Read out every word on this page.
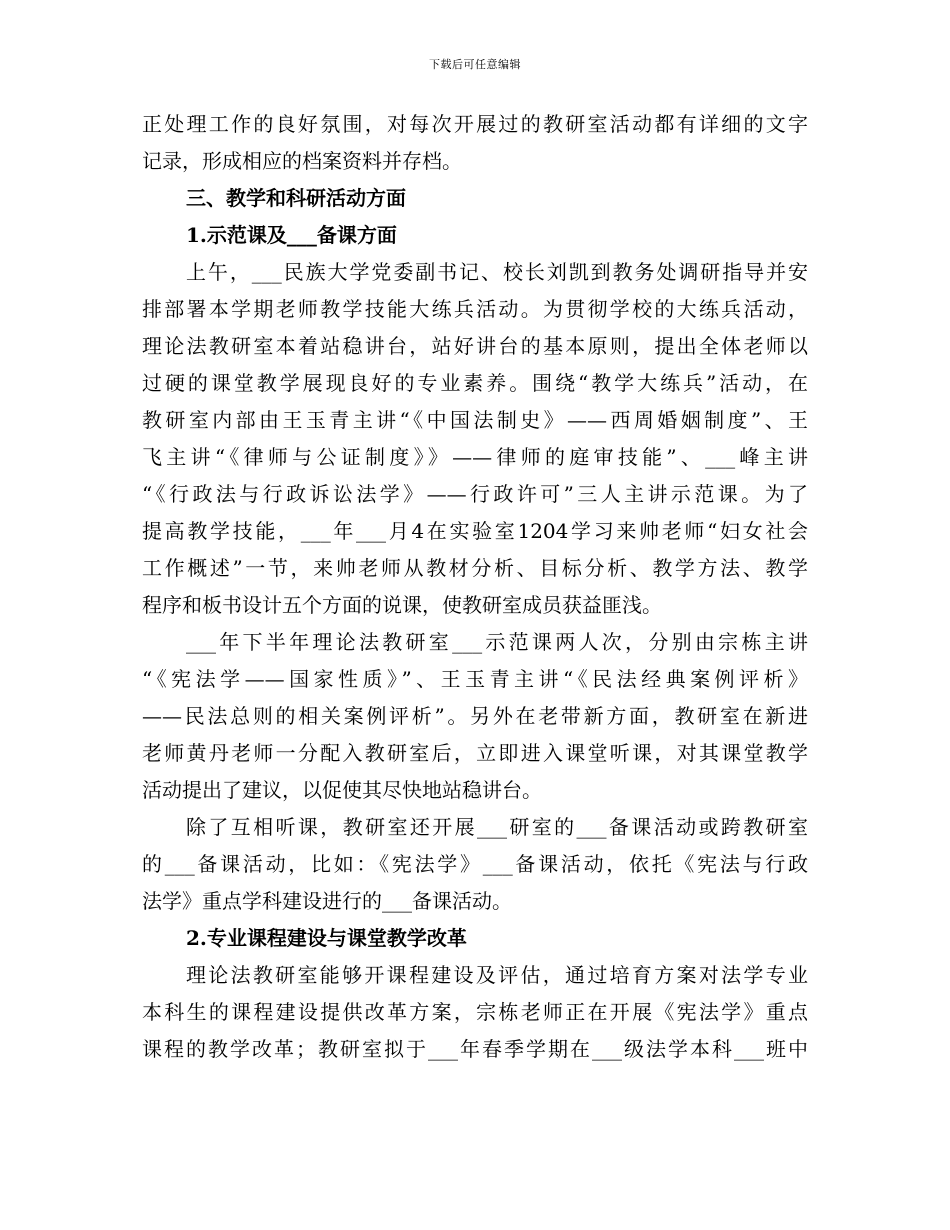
下载后可任意编辑
正处理工作的良好氛围，对每次开展过的教研室活动都有详细的文字
记录，形成相应的档案资料并存档。
三、教学和科研活动方面
1.示范课及___备课方面
上午，___民族大学党委副书记、校长刘凯到教务处调研指导并安
排部署本学期老师教学技能大练兵活动。为贯彻学校的大练兵活动，
理论法教研室本着站稳讲台，站好讲台的基本原则，提出全体老师以
过硬的课堂教学展现良好的专业素养。围绕“教学大练兵”活动，在
教研室内部由王玉青主讲“《中国法制史》——西周婚姻制度”、王
飞主讲“《律师与公证制度》》——律师的庭审技能”、___峰主讲
“《行政法与行政诉讼法学》——行政许可”三人主讲示范课。为了
提高教学技能，___年___月4在实验室1204学习来帅老师“妇女社会
工作概述”一节，来帅老师从教材分析、目标分析、教学方法、教学
程序和板书设计五个方面的说课，使教研室成员获益匪浅。
___年下半年理论法教研室___示范课两人次，分别由宗栋主讲
“《宪法学——国家性质》”、王玉青主讲“《民法经典案例评析》
——民法总则的相关案例评析”。另外在老带新方面，教研室在新进
老师黄丹老师一分配入教研室后，立即进入课堂听课，对其课堂教学
活动提出了建议，以促使其尽快地站稳讲台。
除了互相听课，教研室还开展___研室的___备课活动或跨教研室
的___备课活动，比如：《宪法学》___备课活动，依托《宪法与行政
法学》重点学科建设进行的___备课活动。
2.专业课程建设与课堂教学改革
理论法教研室能够开课程建设及评估，通过培育方案对法学专业
本科生的课程建设提供改革方案，宗栋老师正在开展《宪法学》重点
课程的教学改革；教研室拟于___年春季学期在___级法学本科___班中
